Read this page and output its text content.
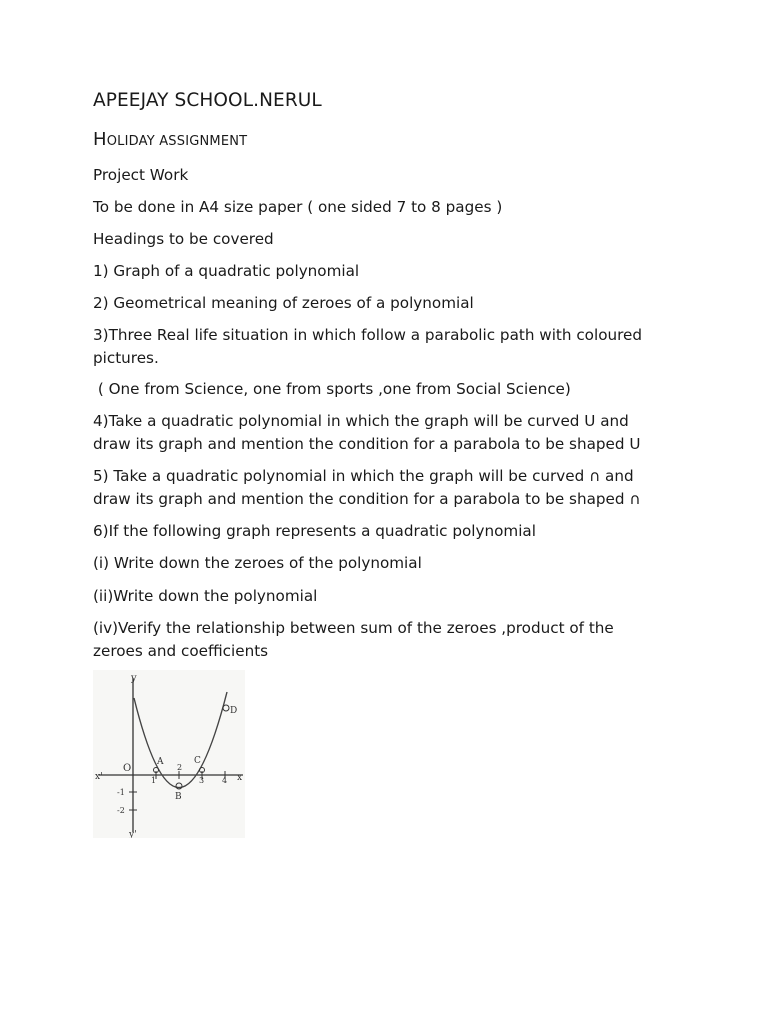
APEEJAY SCHOOL.NERUL
HOLIDAY ASSIGNMENT
Project Work
To be done in A4 size paper ( one sided 7 to 8 pages )
Headings to be covered
1) Graph of a quadratic polynomial
2) Geometrical meaning of zeroes of a polynomial
3)Three Real life situation in which follow a parabolic path with coloured pictures.
( One from Science, one from sports ,one from Social Science)
4)Take a quadratic polynomial in which the graph will be curved U and draw its graph and mention the condition for a parabola to be shaped U
5) Take a quadratic polynomial in which the graph will be curved ∩ and draw its graph and mention the condition for a parabola to be shaped ∩
6)If the following graph represents a quadratic polynomial
(i) Write down the zeroes of the polynomial
(ii)Write down the polynomial
(iv)Verify the relationship between sum of the zeroes ,product of the zeroes and coefficients
y
y'
x
x'
O
1
2
3 4
-1
-2
A
B
C
D
